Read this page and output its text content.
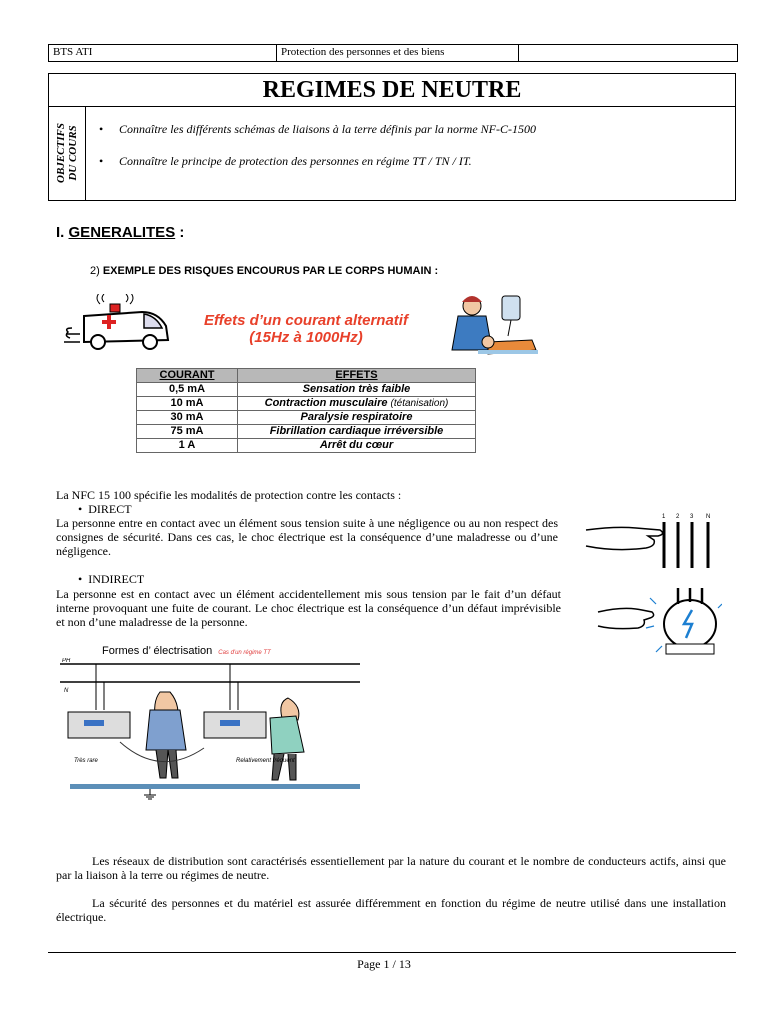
BTS ATI	Protection des personnes et des biens
REGIMES DE NEUTRE
OBJECTIFS
DU COURS	• Connaître les différents schémas de liaisons à la terre définis par la norme NF-C-1500
• Connaître le principe de protection des personnes en régime TT / TN / IT.
I. GENERALITES :
2) EXEMPLE DES RISQUES ENCOURUS PAR LE CORPS HUMAIN :
Effets d’un courant alternatif
(15Hz à 1000Hz)
COURANT	EFFETS
0,5 mA	Sensation très faible
10 mA	Contraction musculaire (tétanisation)
30 mA	Paralysie respiratoire
75 mA	Fibrillation cardiaque irréversible
1 A	Arrêt du cœur
La NFC 15 100 spécifie les modalités de protection contre les contacts :
•  DIRECT
La personne entre en contact avec un élément sous tension suite à une négligence ou au non respect des consignes de sécurité. Dans ces cas, le choc électrique est la conséquence d’une maladresse ou d’une négligence.
•  INDIRECT
La personne est en contact avec un élément accidentellement mis sous tension par le fait d’un défaut interne provoquant une fuite de courant. Le choc électrique est la conséquence d’un défaut imprévisible et non d’une maladresse de la personne.
1 2 3 N
Formes d’ électrisation Cas d'un régime TT
PH
N
Très rare	Relativement fréquent
Les réseaux de distribution sont caractérisés essentiellement par la nature du courant et le nombre de conducteurs actifs, ainsi que par la liaison à la terre ou régimes de neutre.
La sécurité des personnes et du matériel est assurée différemment en fonction du régime de neutre utilisé dans une installation électrique.
Page 1 / 13
